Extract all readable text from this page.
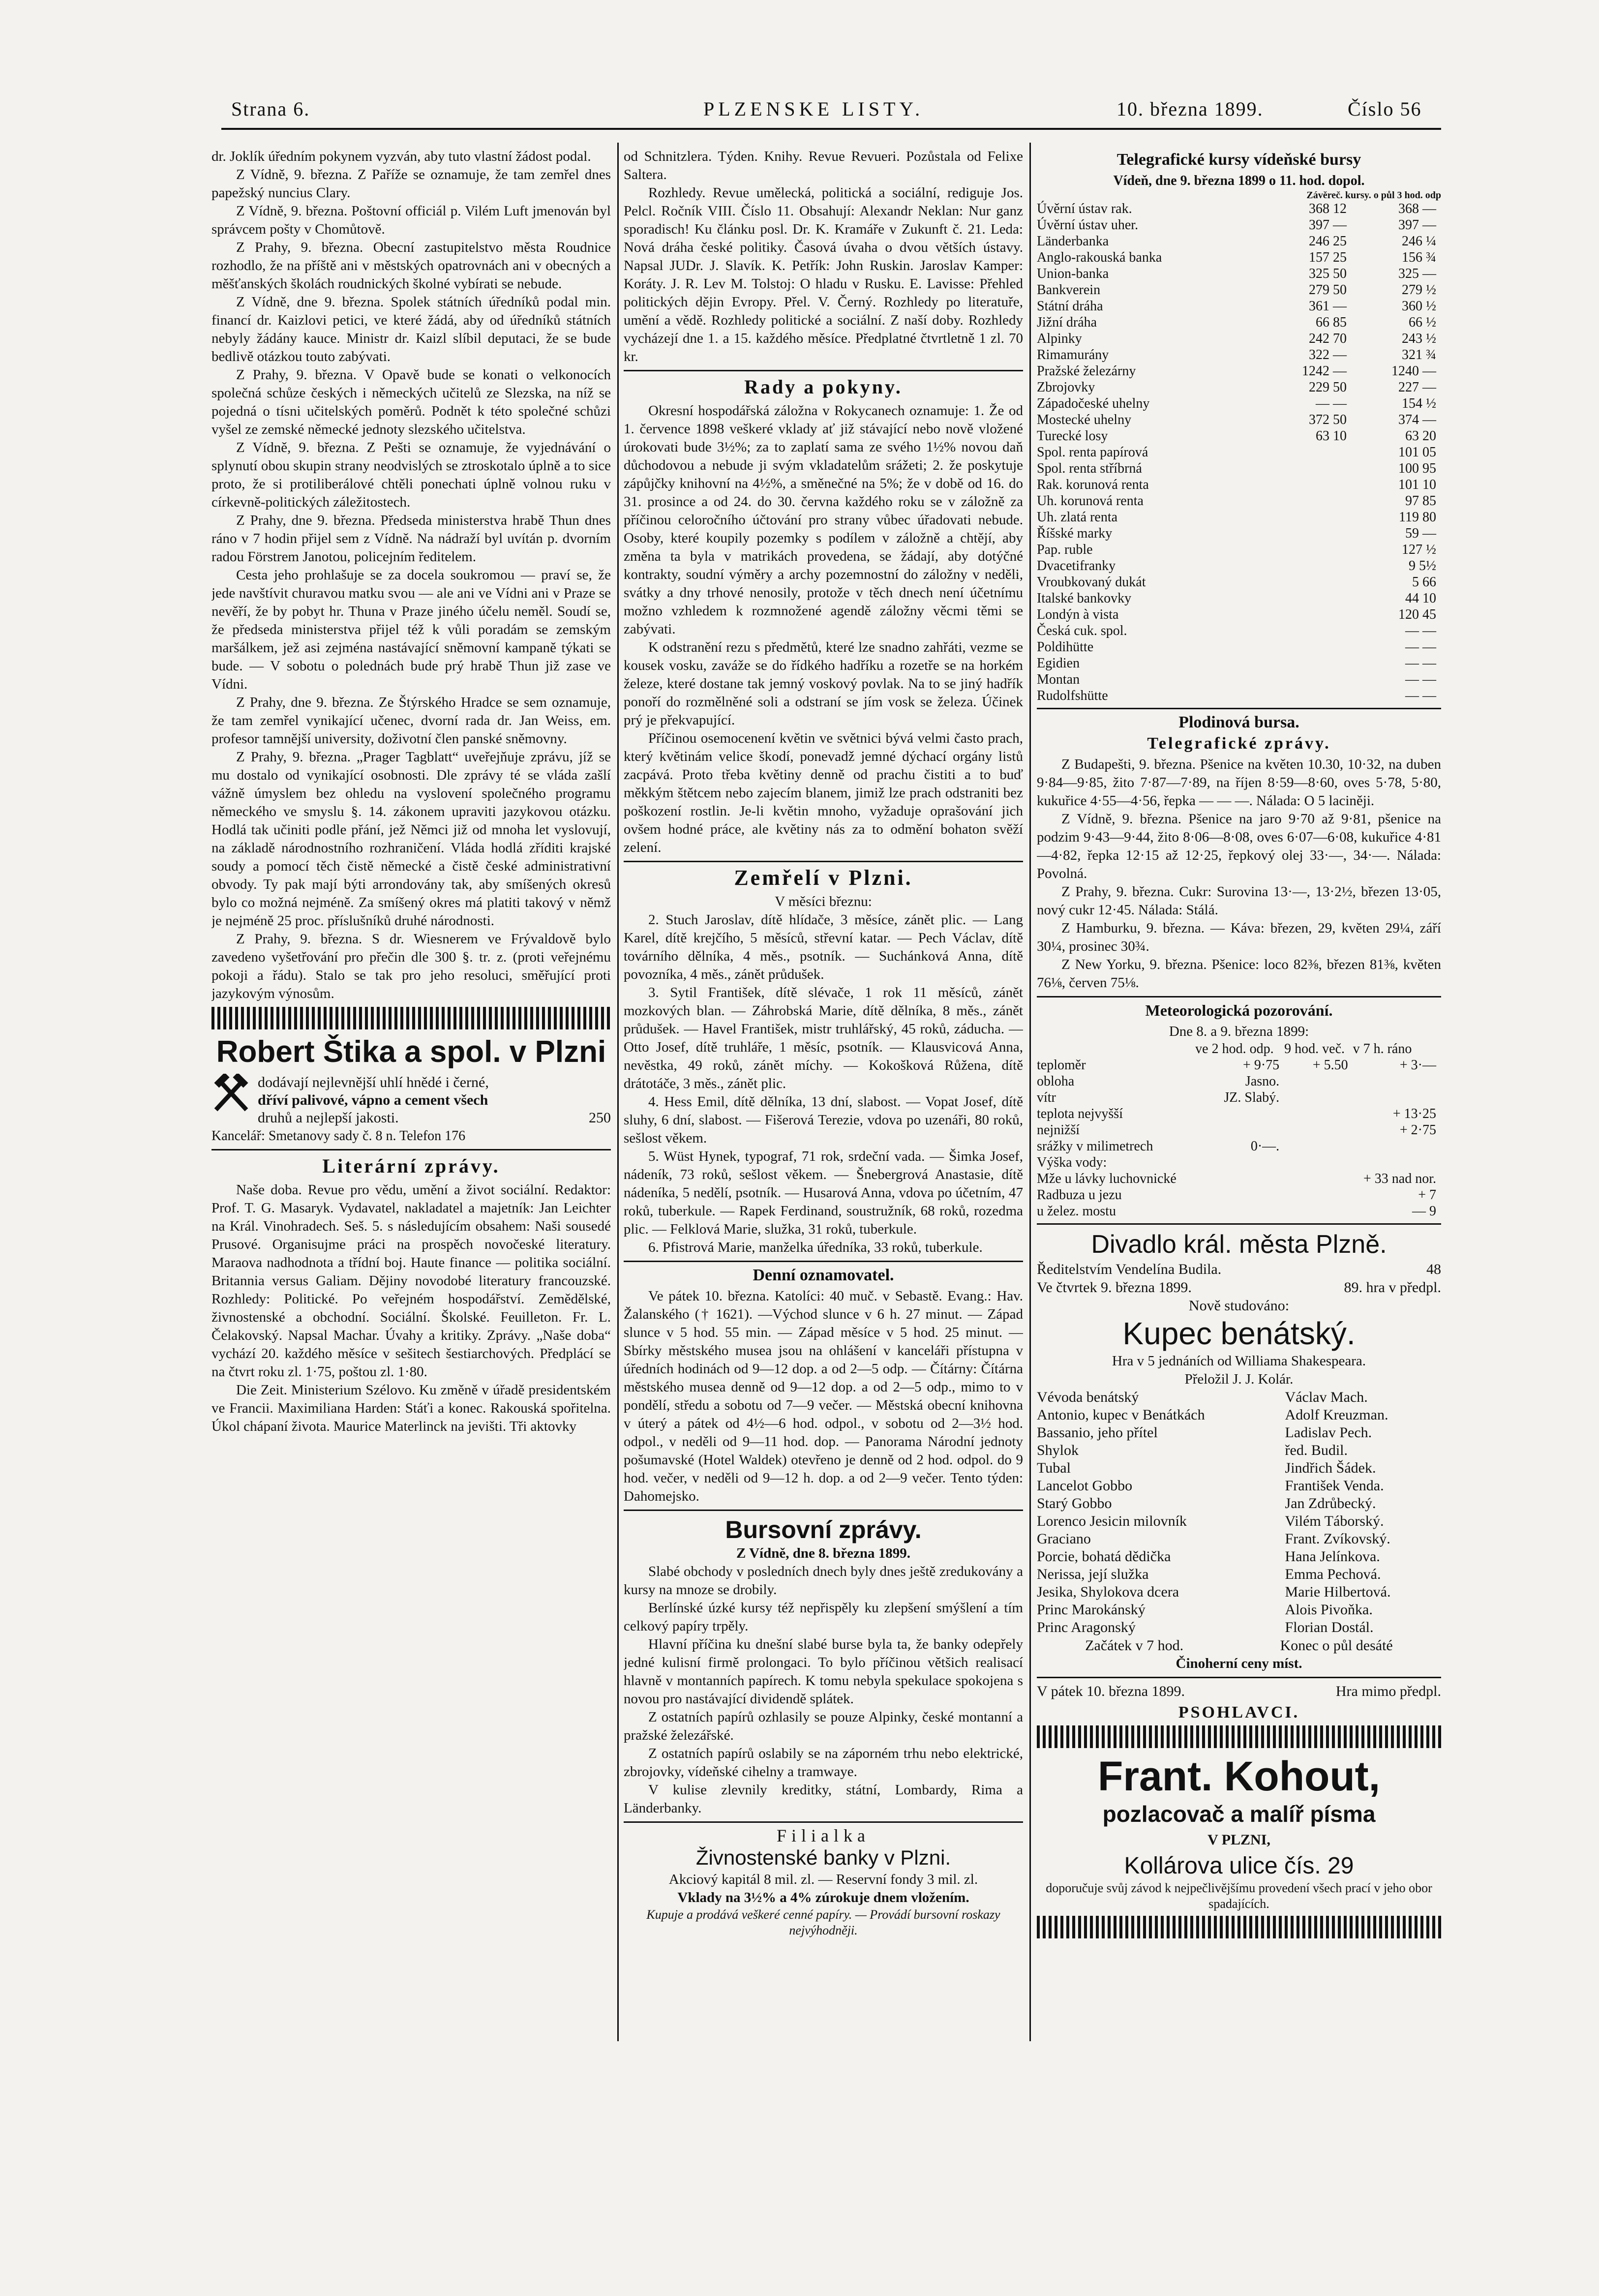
Strana 6.	PLZENSKE LISTY.	10. března 1899.	Číslo 56

dr. Joklík úředním pokynem vyzván, aby tuto vlastní žádost podal.

Z Vídně, 9. března. Z Paříže se oznamuje, že tam zemřel dnes papežský nuncius Clary.

Z Vídně, 9. března. Poštovní officiál p. Vilém Luft jmenován byl správcem pošty v Chomůtově.

Z Prahy, 9. března. Obecní zastupitelstvo města Roudnice rozhodlo, že na příště ani v městských opatrovnách ani v obecných a měšťanských školách roudnických školné vybírati se nebude.

Z Vídně, dne 9. března. Spolek státních úředníků podal min. financí dr. Kaizlovi petici, ve které žádá, aby od úředníků státních nebyly žádány kauce. Ministr dr. Kaizl slíbil deputaci, že se bude bedlivě otázkou touto zabývati.

Z Prahy, 9. března. V Opavě bude se konati o velkonocích společná schůze českých i německých učitelů ze Slezska, na níž se pojedná o tísni učitelských poměrů. Podnět k této společné schůzi vyšel ze zemské německé jednoty slezského učitelstva.

Z Vídně, 9. března. Z Pešti se oznamuje, že vyjednávání o splynutí obou skupin strany neodvislých se ztroskotalo úplně a to sice proto, že si protiliberálové chtěli ponechati úplně volnou ruku v církevně-politických záležitostech.

Z Prahy, dne 9. března. Předseda ministerstva hrabě Thun dnes ráno v 7 hodin přijel sem z Vídně. Na nádraží byl uvítán p. dvorním radou Förstrem Janotou, policejním ředitelem.

Cesta jeho prohlašuje se za docela soukromou — praví se, že jede navštívit churavou matku svou — ale ani ve Vídni ani v Praze se nevěří, že by pobyt hr. Thuna v Praze jiného účelu neměl. Soudí se, že předseda ministerstva přijel též k vůli poradám se zemským maršálkem, jež asi zejména nastávající sněmovní kampaně týkati se bude. — V sobotu o polednách bude prý hrabě Thun již zase ve Vídni.

Z Prahy, dne 9. března. Ze Štýrského Hradce se sem oznamuje, že tam zemřel vynikající učenec, dvorní rada dr. Jan Weiss, em. profesor tamnější university, doživotní člen panské sněmovny.

Z Prahy, 9. března. „Prager Tagblatt“ uveřejňuje zprávu, jíž se mu dostalo od vynikající osobnosti. Dle zprávy té se vláda zašlí vážně úmyslem bez ohledu na vyslovení společného programu německého ve smyslu §. 14. zákonem upraviti jazykovou otázku. Hodlá tak učiniti podle přání, jež Němci již od mnoha let vyslovují, na základě národnostního rozhraničení. Vláda hodlá zříditi krajské soudy a pomocí těch čistě německé a čistě české administrativní obvody. Ty pak mají býti arrondovány tak, aby smíšených okresů bylo co možná nejméně. Za smíšený okres má platiti takový v němž je nejméně 25 proc. příslušníků druhé národnosti.

Z Prahy, 9. března. S dr. Wiesnerem ve Frývaldově bylo zavedeno vyšetřování pro přečin dle 300 §. tr. z. (proti veřejnému pokoji a řádu). Stalo se tak pro jeho resoluci, směřující proti jazykovým výnosům.

Robert Štika a spol. v Plzni
dodávají nejlevnější uhlí hnědé i černé,
dříví palivové, vápno a cement všech
druhů a nejlepší jakosti.	250
Kancelář: Smetanovy sady č. 8 n. Telefon 176
Literární zprávy.

Naše doba. Revue pro vědu, umění a život sociální. Redaktor: Prof. T. G. Masaryk. Vydavatel, nakladatel a majetník: Jan Leichter na Král. Vinohradech. Seš. 5. s následujícím obsahem: Naši sousedé Prusové. Organisujme práci na prospěch novočeské literatury. Maraova nadhodnota a třídní boj. Haute finance — politika sociální. Britannia versus Galiam. Dějiny novodobé literatury francouzské. Rozhledy: Politické. Po veřejném hospodářství. Zemědělské, živnostenské a obchodní. Sociální. Školské. Feuilleton. Fr. L. Čelakovský. Napsal Machar. Úvahy a kritiky. Zprávy. „Naše doba“ vychází 20. každého měsíce v sešitech šestiarchových. Předplácí se na čtvrt roku zl. 1·75, poštou zl. 1·80.

Die Zeit. Ministerium Szélovo. Ku změně v úřadě presidentském ve Francii. Maximiliana Harden: Stáťi a konec. Rakouská spořitelna. Úkol chápaní života. Maurice Materlinck na jevišti. Tři aktovky

od Schnitzlera. Týden. Knihy. Revue Revueri. Pozůstala od Felixe Saltera.

Rozhledy. Revue umělecká, politická a sociální, rediguje Jos. Pelcl. Ročník VIII. Číslo 11. Obsahují: Alexandr Neklan: Nur ganz sporadisch! Ku článku posl. Dr. K. Kramáře v Zukunft č. 21. Leda: Nová dráha české politiky. Časová úvaha o dvou větších ústavy. Napsal JUDr. J. Slavík. K. Petřík: John Ruskin. Jaroslav Kamper: Koráty. J. R. Lev M. Tolstoj: O hladu v Rusku. E. Lavisse: Přehled politických dějin Evropy. Přel. V. Černý. Rozhledy po literatuře, umění a vědě. Rozhledy politické a sociální. Z naší doby. Rozhledy vycházejí dne 1. a 15. každého měsíce. Předplatné čtvrtletně 1 zl. 70 kr.

Rady a pokyny.

Okresní hospodářská záložna v Rokycanech oznamuje: 1. Že od 1. července 1898 veškeré vklady ať již stávající nebo nově vložené úrokovati bude 3½%; za to zaplatí sama ze svého 1½% novou daň důchodovou a nebude ji svým vkladatelům srážeti; 2. že poskytuje zápůjčky knihovní na 4½%, a směnečné na 5%; že v době od 16. do 31. prosince a od 24. do 30. června každého roku se v záložně za příčinou celoročního účtování pro strany vůbec úřadovati nebude. Osoby, které koupily pozemky s podílem v záložně a chtějí, aby změna ta byla v matrikách provedena, se žádají, aby dotýčné kontrakty, soudní výměry a archy pozemnostní do záložny v neděli, svátky a dny trhové nenosily, protože v těch dnech není účetnímu možno vzhledem k rozmnožené agendě záložny věcmi těmi se zabývati.

K odstranění rezu s předmětů, které lze snadno zahřáti, vezme se kousek vosku, zaváže se do řídkého hadříku a rozetře se na horkém železe, které dostane tak jemný voskový povlak. Na to se jiný hadřík ponoří do rozmělněné soli a odstraní se jím vosk se železa. Účinek prý je překvapující.

Příčinou osemocenení květin ve světnici bývá velmi často prach, který květinám velice škodí, ponevadž jemné dýchací orgány listů zacpává. Proto třeba květiny denně od prachu čistiti a to buď měkkým štětcem nebo zajecím blanem, jimiž lze prach odstraniti bez poškození rostlin. Je-li květin mnoho, vyžaduje oprašování jich ovšem hodné práce, ale květiny nás za to odmění bohaton svěží zelení.

Zemřelí v Plzni.
V měsíci březnu:

2. Stuch Jaroslav, dítě hlídače, 3 měsíce, zánět plic. — Lang Karel, dítě krejčího, 5 měsíců, střevní katar. — Pech Václav, dítě továrního dělníka, 4 měs., psotník. — Suchánková Anna, dítě povozníka, 4 měs., zánět průdušek.

3. Sytil František, dítě slévače, 1 rok 11 měsíců, zánět mozkových blan. — Záhrobská Marie, dítě dělníka, 8 měs., zánět průdušek. — Havel František, mistr truhlářský, 45 roků, záducha. — Otto Josef, dítě truhláře, 1 měsíc, psotník. — Klausvicová Anna, nevěstka, 49 roků, zánět míchy. — Kokošková Růžena, dítě drátotáče, 3 měs., zánět plic.

4. Hess Emil, dítě dělníka, 13 dní, slabost. — Vopat Josef, dítě sluhy, 6 dní, slabost. — Fišerová Terezie, vdova po uzenáři, 80 roků, sešlost věkem.

5. Wüst Hynek, typograf, 71 rok, srdeční vada. — Šimka Josef, nádeník, 73 roků, sešlost věkem. — Šnebergrová Anastasie, dítě nádeníka, 5 nedělí, psotník. — Husarová Anna, vdova po účetním, 47 roků, tuberkule. — Rapek Ferdinand, soustružník, 68 roků, rozedma plic. — Felklová Marie, služka, 31 roků, tuberkule.

6. Pfistrová Marie, manželka úředníka, 33 roků, tuberkule.

Denní oznamovatel.

Ve pátek 10. března. Katolíci: 40 muč. v Sebastě. Evang.: Hav. Žalanského († 1621). —Východ slunce v 6 h. 27 minut. — Západ slunce v 5 hod. 55 min. — Západ měsíce v 5 hod. 25 minut. — Sbírky městského musea jsou na ohlášení v kanceláři přístupna v úředních hodinách od 9—12 dop. a od 2—5 odp. — Čítárny: Čítárna městského musea denně od 9—12 dop. a od 2—5 odp., mimo to v pondělí, středu a sobotu od 7—9 večer. — Městská obecní knihovna v úterý a pátek od 4½—6 hod. odpol., v sobotu od 2—3½ hod. odpol., v neděli od 9—11 hod. dop. — Panorama Národní jednoty pošumavské (Hotel Waldek) otevřeno je denně od 2 hod. odpol. do 9 hod. večer, v neděli od 9—12 h. dop. a od 2—9 večer. Tento týden: Dahomejsko.

Bursovní zprávy.

Z Vídně, dne 8. března 1899.

Slabé obchody v posledních dnech byly dnes ještě zredukovány a kursy na mnoze se drobily.

Berlínské úzké kursy též nepřispěly ku zlepšení smýšlení a tím celkový papíry trpěly.

Hlavní příčina ku dnešní slabé burse byla ta, že banky odepřely jedné kulisní firmě prolongaci. To bylo příčinou většich realisací hlavně v montanních papírech. K tomu nebyla spekulace spokojena s novou pro nastávající dividendě splátek.

Z ostatních papírů ozhlasily se pouze Alpinky, české montanní a pražské železářské.

Z ostatních papírů oslabily se na záporném trhu nebo elektrické, zbrojovky, vídeňské cihelny a tramwaye.

V kulise zlevnily kreditky, státní, Lombardy, Rima a Länderbanky.

Filialka
Živnostenské banky v Plzni.
Akciový kapitál 8 mil. zl. — Reservní fondy 3 mil. zl.
Vklady na 3½% a 4% zúrokuje dnem vložením.
Kupuje a prodává veškeré cenné papíry. — Provádí bursovní roskazy nejvýhodněji.
Telegrafické kursy vídeňské bursy
Vídeň, dne 9. března 1899 o 11. hod. dopol.
Závěreč. kursy. o půl 3 hod. odp
Úvěrní ústav rak.	368 12	368 —
Úvěrní ústav uher.	397 —	397 —
Länderbanka	246 25	246 ¼
Anglo-rakouská banka	157 25	156 ¾
Union-banka	325 50	325 —
Bankverein	279 50	279 ½
Státní dráha	361 —	360 ½
Jižní dráha	66 85	66 ½
Alpinky	242 70	243 ½
Rimamurány	322 —	321 ¾
Pražské železárny	1242 —	1240 —
Zbrojovky	229 50	227 —
Západočeské uhelny	— —	154 ½
Mostecké uhelny	372 50	374 —
Turecké losy	63 10	63 20
Spol. renta papírová		101 05
Spol. renta stříbrná		100 95
Rak. korunová renta		101 10
Uh. korunová renta		97 85
Uh. zlatá renta		119 80
Říšské marky		59 —
Pap. ruble		127 ½
Dvacetifranky		9 5½
Vroubkovaný dukát		5 66
Italské bankovky		44 10
Londýn à vista		120 45
Česká cuk. spol.		— —
Poldihütte		— —
Egidien		— —
Montan		— —
Rudolfshütte		— —
Plodinová bursa.
Telegrafické zprávy.

Z Budapešti, 9. března. Pšenice na květen 10.30, 10·32, na duben 9·84—9·85, žito 7·87—7·89, na říjen 8·59—8·60, oves 5·78, 5·80, kukuřice 4·55—4·56, řepka — — —. Nálada: O 5 laciněji.

Z Vídně, 9. března. Pšenice na jaro 9·70 až 9·81, pšenice na podzim 9·43—9·44, žito 8·06—8·08, oves 6·07—6·08, kukuřice 4·81—4·82, řepka 12·15 až 12·25, řepkový olej 33·—, 34·—. Nálada: Povolná.

Z Prahy, 9. března. Cukr: Surovina 13·—, 13·2½, březen 13·05, nový cukr 12·45. Nálada: Stálá.

Z Hamburku, 9. března. — Káva: březen, 29, květen 29¼, září 30¼, prosinec 30¾.

Z New Yorku, 9. března. Pšenice: loco 82⅜, březen 81⅜, květen 76⅛, červen 75⅛.

Meteorologická pozorování.
Dne 8. a 9. března 1899:
	ve 2 hod. odp.	9 hod. več.	v 7 h. ráno
teploměr	+ 9·75	+ 5.50	+ 3·—
obloha	Jasno.		
vítr	JZ. Slabý.		
teplota nejvyšší			+ 13·25
nejnižší			+ 2·75
srážky v milimetrech	0·—.		
Výška vody:			
Mže u lávky luchovnické			+ 33 nad nor.
Radbuza u jezu			+ 7
u želez. mostu			— 9
Divadlo král. města Plzně.
Ředitelstvím Vendelína Budila.	48
Ve čtvrtek 9. března 1899.	89. hra v předpl.
Nově studováno:
Kupec benátský.
Hra v 5 jednáních od Williama Shakespeara.
Přeložil J. J. Kolár.
Vévoda benátský	Václav Mach.
Antonio, kupec v Benátkách	Adolf Kreuzman.
Bassanio, jeho přítel	Ladislav Pech.
Shylok	řed. Budil.
Tubal	Jindřich Šádek.
Lancelot Gobbo	František Venda.
Starý Gobbo	Jan Zdrůbecký.
Lorenco Jesicin milovník	Vilém Táborský.
Graciano	Frant. Zvíkovský.
Porcie, bohatá dědička	Hana Jelínkova.
Nerissa, její služka	Emma Pechová.
Jesika, Shylokova dcera	Marie Hilbertová.
Princ Marokánský	Alois Pivoňka.
Princ Aragonský	Florian Dostál.
Začátek v 7 hod.	Konec o půl desáté
Činoherní ceny míst.
V pátek 10. března 1899.	Hra mimo předpl.
PSOHLAVCI.
Frant. Kohout,
pozlacovač a malíř písma
V PLZNI,
Kollárova ulice čís. 29
doporučuje svůj závod k nejpečlivějšímu provedení všech prací v jeho obor spadajících.
